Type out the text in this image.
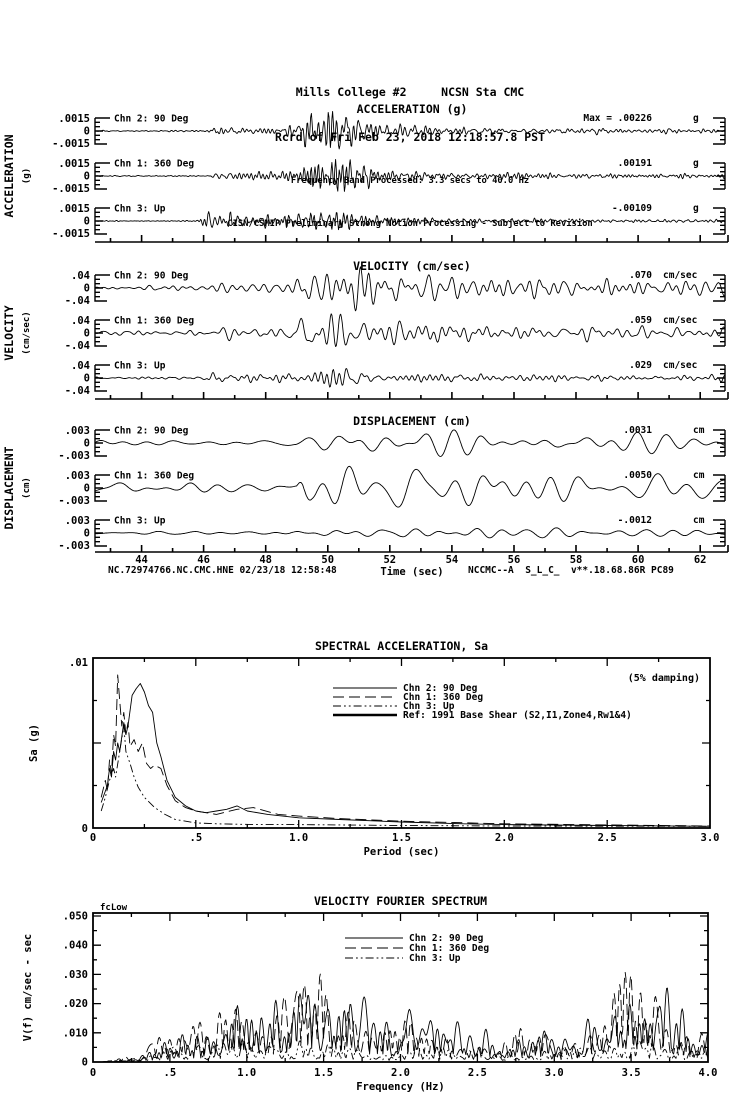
Mills College #2     NCSN Sta CMC

Rcrd of Fri Feb 23, 2018 12:18:57.8 PST

Frequency Band Processed: 3.3 secs to 40.0 Hz

CISN/CSMIP Preliminary Strong Motion Processing - Subject to Revision

ACCELERATION (g)
ACCELERATION (g)
.0015
0
-.0015
Chn 2: 90 Deg	Max = .00226	g
.0015
0
-.0015
Chn 1: 360 Deg	.00191	g
.0015
0
-.0015
Chn 3: Up	-.00109	g
VELOCITY (cm/sec)
VELOCITY (cm/sec)
.04
0
-.04
Chn 2: 90 Deg	.070 cm/sec
.04
0
-.04
Chn 1: 360 Deg	.059 cm/sec
.04
0
-.04
Chn 3: Up	.029 cm/sec
DISPLACEMENT (cm)
DISPLACEMENT (cm)
.003
0
-.003
Chn 2: 90 Deg	.0031	cm
.003
0
-.003
Chn 1: 360 Deg	.0050	cm
.003
0
-.003
Chn 3: Up	-.0012	cm
44	46	48	50	52	54	56	58	60	62
Time (sec)
SPECTRAL ACCELERATION, Sa
.01
0
0	.5	1.0	1.5	2.0	2.5	3.0
Period (sec)
Sa (g)
(5% damping)
Chn 2: 90 Deg
Chn 1: 360 Deg
Chn 3: Up
Ref: 1991 Base Shear (S2,I1,Zone4,Rw1&4)
VELOCITY FOURIER SPECTRUM
.050
.040
.030
.020
.010
0
0	.5	1.0	1.5	2.0	2.5	3.0	3.5	4.0
Frequency (Hz)
V(f) cm/sec - sec
fcLow
Chn 2: 90 Deg
Chn 1: 360 Deg
Chn 3: Up
NC.72974766.NC.CMC.HNE 02/23/18 12:58:48	NCCMC--A  S_L_C_  v**.18.68.86R PC89
